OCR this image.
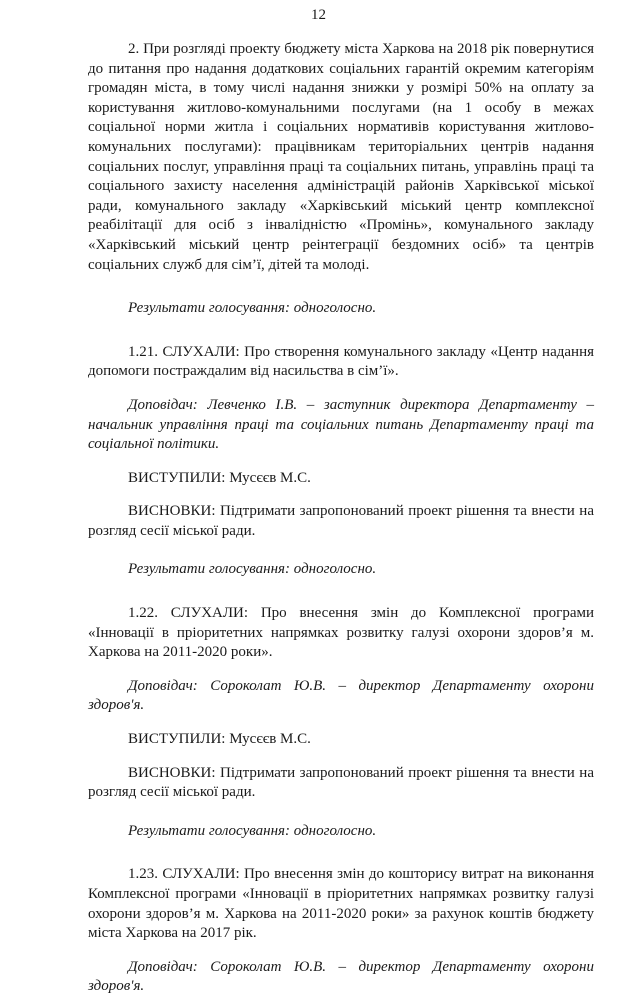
12

2. При розгляді проекту бюджету міста Харкова на 2018 рік повернутися до питання про надання додаткових соціальних гарантій окремим категоріям громадян міста, в тому числі надання знижки у розмірі 50% на оплату за користування житлово-комунальними послугами (на 1 особу в межах соціальної норми житла і соціальних нормативів користування житлово-комунальних послугами): працівникам територіальних центрів надання соціальних послуг, управління праці та соціальних питань, управлінь праці та соціального захисту населення адміністрацій районів Харківської міської ради, комунального закладу «Харківський міський центр комплексної реабілітації для осіб з інвалідністю «Промінь», комунального закладу «Харківський міський центр реінтеграції бездомних осіб» та центрів соціальних служб для сім’ї, дітей та молоді.

Результати голосування: одноголосно.

1.21. СЛУХАЛИ: Про створення комунального закладу «Центр надання допомоги постраждалим від насильства в сім’ї».

Доповідач: Левченко І.В. – заступник директора Департаменту – начальник управління праці та соціальних питань Департаменту праці та соціальної політики.

ВИСТУПИЛИ: Мусєєв М.С.

ВИСНОВКИ: Підтримати запропонований проект рішення та внести на розгляд сесії міської ради.

Результати голосування: одноголосно.

1.22. СЛУХАЛИ: Про внесення змін до Комплексної програми «Інновації в пріоритетних напрямках розвитку галузі охорони здоров’я м. Харкова на 2011-2020 роки».

Доповідач: Сороколат Ю.В. – директор Департаменту охорони здоров'я.

ВИСТУПИЛИ: Мусєєв М.С.

ВИСНОВКИ: Підтримати запропонований проект рішення та внести на розгляд сесії міської ради.

Результати голосування: одноголосно.

1.23. СЛУХАЛИ: Про внесення змін до кошторису витрат на виконання Комплексної програми «Інновації в пріоритетних напрямках розвитку галузі охорони здоров’я м. Харкова на 2011-2020 роки» за рахунок коштів бюджету міста Харкова на 2017 рік.

Доповідач: Сороколат Ю.В. – директор Департаменту охорони здоров'я.
